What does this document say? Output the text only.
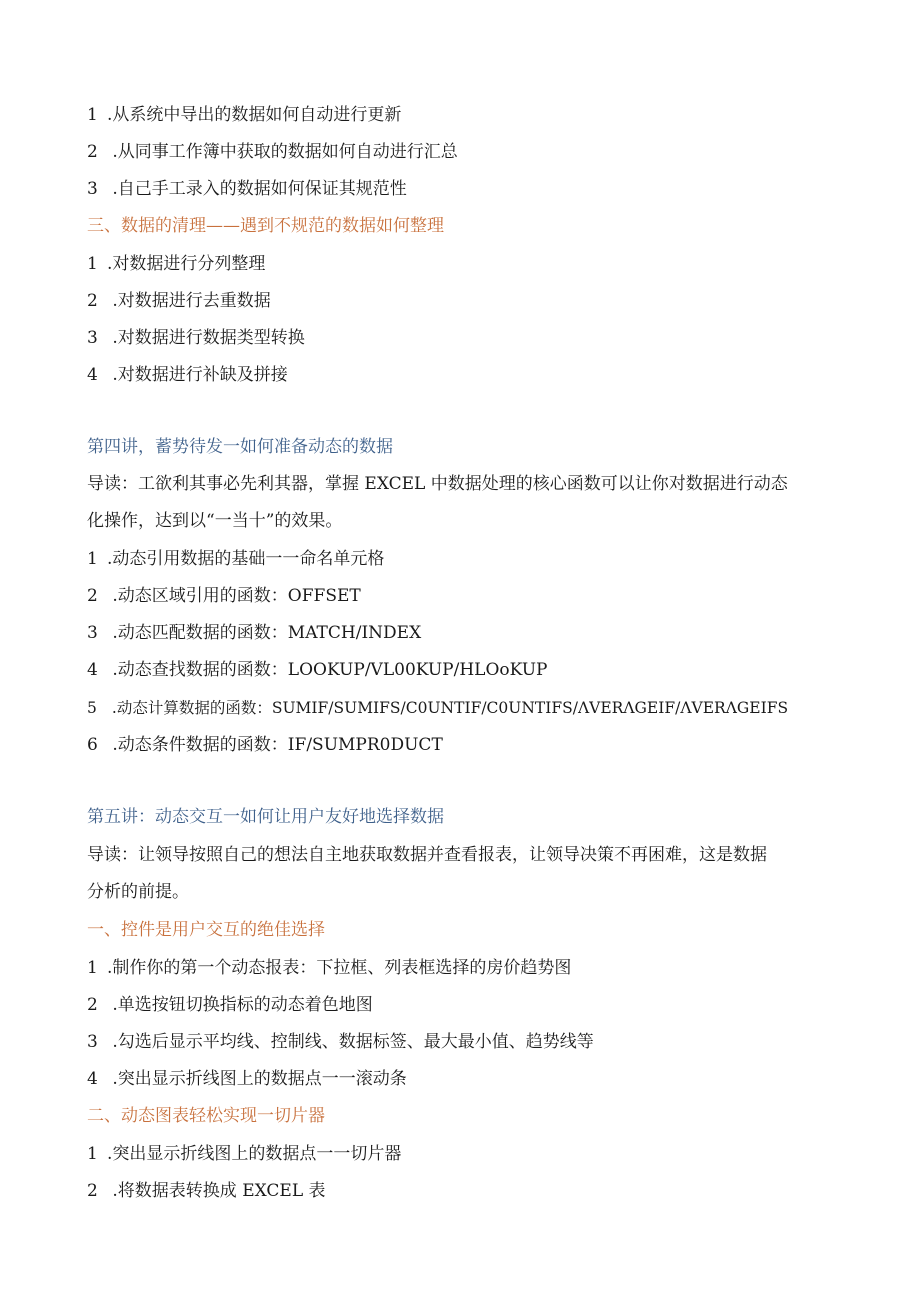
1 .从系统中导出的数据如何自动进行更新
2 .从同事工作簿中获取的数据如何自动进行汇总
3 .自己手工录入的数据如何保证其规范性
三、数据的清理——遇到不规范的数据如何整理
1 .对数据进行分列整理
2 .对数据进行去重数据
3 .对数据进行数据类型转换
4 .对数据进行补缺及拼接
第四讲，蓄势待发一如何准备动态的数据
导读：工欲利其事必先利其器，掌握 EXCEL 中数据处理的核心函数可以让你对数据进行动态
化操作，达到以“一当十”的效果。
1 .动态引用数据的基础一一命名单元格
2 .动态区域引用的函数：OFFSET
3 .动态匹配数据的函数：MATCH/INDEX
4 .动态查找数据的函数：LOOKUP/VL00KUP/HLOoKUP
5 .动态计算数据的函数：SUMIF/SUMIFS/C0UNTIF/C0UNTIFS/ΛVERΛGEIF/ΛVERΛGEIFS
6 .动态条件数据的函数：IF/SUMPR0DUCT
第五讲：动态交互一如何让用户友好地选择数据
导读：让领导按照自己的想法自主地获取数据并查看报表，让领导决策不再困难，这是数据
分析的前提。
一、控件是用户交互的绝佳选择
1 .制作你的第一个动态报表：下拉框、列表框选择的房价趋势图
2 .单选按钮切换指标的动态着色地图
3 .勾选后显示平均线、控制线、数据标签、最大最小值、趋势线等
4 .突出显示折线图上的数据点一一滚动条
二、动态图表轻松实现一切片器
1 .突出显示折线图上的数据点一一切片器
2 .将数据表转换成 EXCEL 表
